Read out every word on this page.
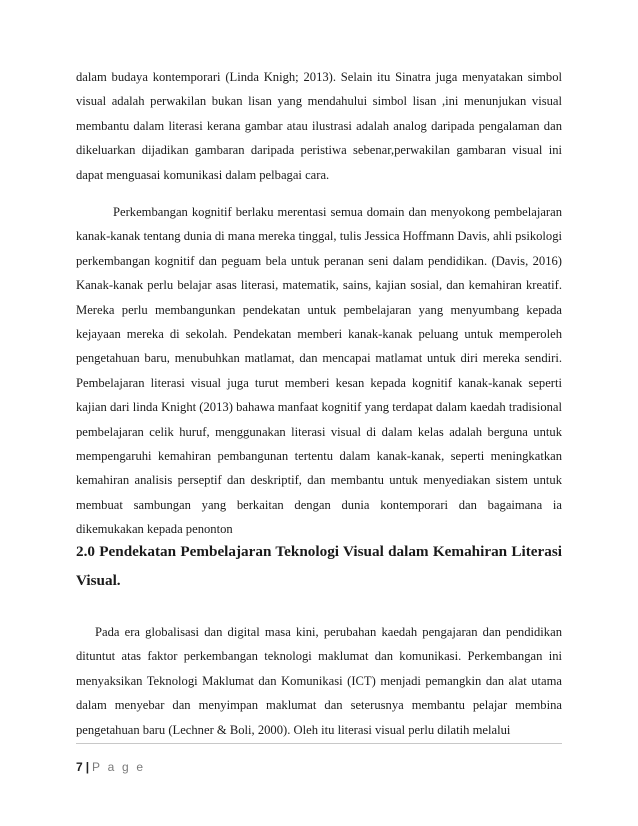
dalam budaya kontemporari (Linda Knigh; 2013). Selain itu Sinatra juga menyatakan simbol visual adalah perwakilan bukan lisan yang mendahului simbol lisan ,ini menunjukan visual membantu dalam literasi kerana gambar atau ilustrasi adalah analog daripada pengalaman dan dikeluarkan dijadikan gambaran daripada peristiwa sebenar,perwakilan gambaran visual ini dapat menguasai komunikasi dalam pelbagai cara.

Perkembangan kognitif berlaku merentasi semua domain dan menyokong pembelajaran kanak-kanak tentang dunia di mana mereka tinggal, tulis Jessica Hoffmann Davis, ahli psikologi perkembangan kognitif dan peguam bela untuk peranan seni dalam pendidikan. (Davis, 2016) Kanak-kanak perlu belajar asas literasi, matematik, sains, kajian sosial, dan kemahiran kreatif. Mereka perlu membangunkan pendekatan untuk pembelajaran yang menyumbang kepada kejayaan mereka di sekolah. Pendekatan memberi kanak-kanak peluang untuk memperoleh pengetahuan baru, menubuhkan matlamat, dan mencapai matlamat untuk diri mereka sendiri. Pembelajaran literasi visual juga turut memberi kesan kepada kognitif kanak-kanak seperti kajian dari linda Knight (2013) bahawa manfaat kognitif yang terdapat dalam kaedah tradisional pembelajaran celik huruf, menggunakan literasi visual di dalam kelas adalah berguna untuk mempengaruhi kemahiran pembangunan tertentu dalam kanak-kanak, seperti meningkatkan kemahiran analisis perseptif dan deskriptif, dan membantu untuk menyediakan sistem untuk membuat sambungan yang berkaitan dengan dunia kontemporari dan bagaimana ia dikemukakan kepada penonton

2.0 Pendekatan Pembelajaran Teknologi Visual dalam Kemahiran Literasi Visual.

Pada era globalisasi dan digital masa kini, perubahan kaedah pengajaran dan pendidikan dituntut atas faktor perkembangan teknologi maklumat dan komunikasi. Perkembangan ini menyaksikan Teknologi Maklumat dan Komunikasi (ICT) menjadi pemangkin dan alat utama dalam menyebar dan menyimpan maklumat dan seterusnya membantu pelajar membina pengetahuan baru (Lechner & Boli, 2000). Oleh itu literasi visual perlu dilatih melalui

7 | P a g e
